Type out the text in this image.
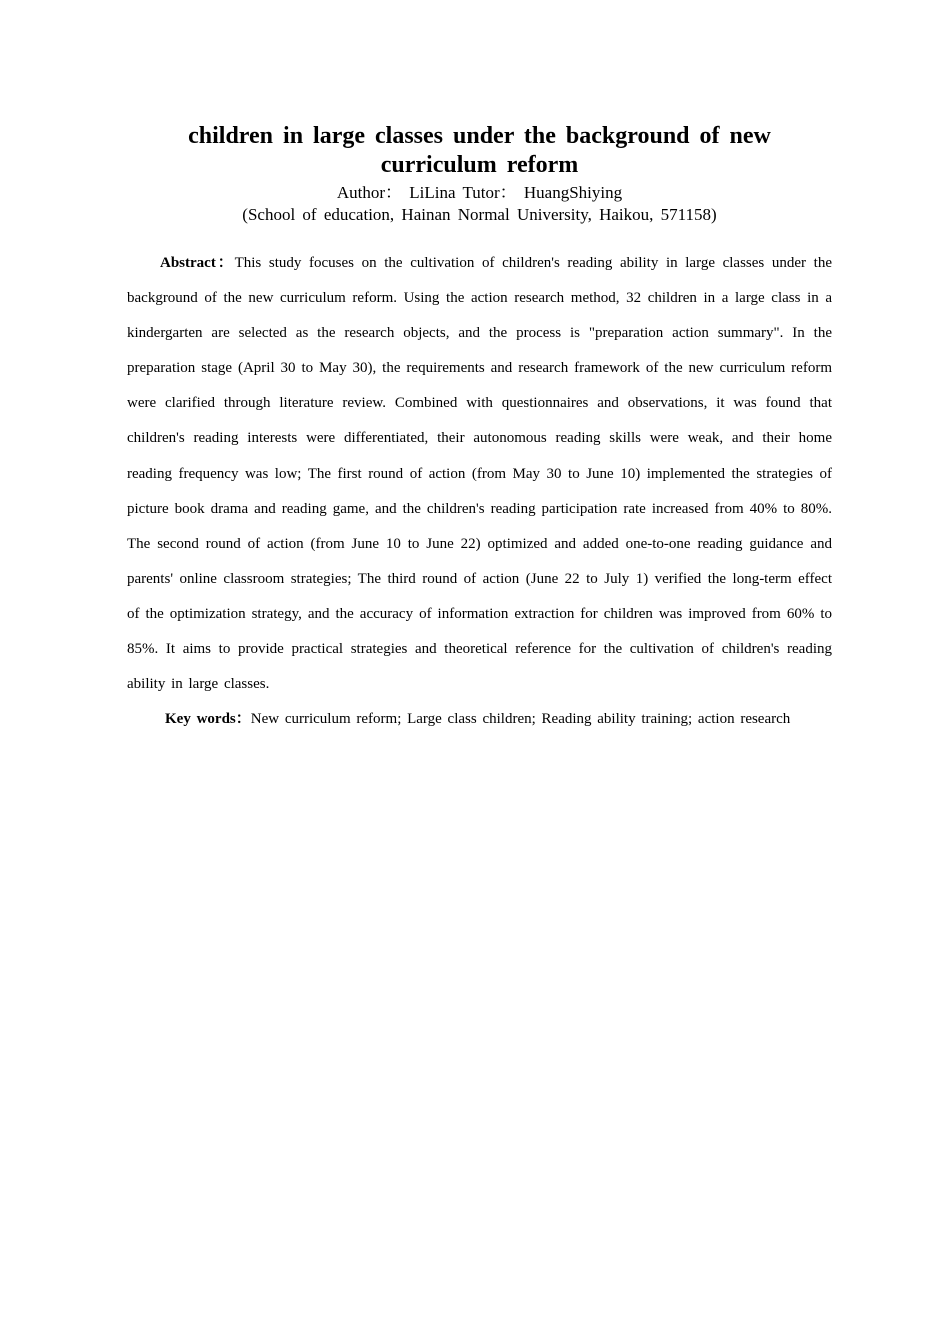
children in large classes under the background of new curriculum reform
Author： LiLina Tutor： HuangShiying
(School of education, Hainan Normal University, Haikou, 571158)
Abstract：This study focuses on the cultivation of children's reading ability in large classes under the background of the new curriculum reform. Using the action research method, 32 children in a large class in a kindergarten are selected as the research objects, and the process is "preparation action summary". In the preparation stage (April 30 to May 30), the requirements and research framework of the new curriculum reform were clarified through literature review. Combined with questionnaires and observations, it was found that children's reading interests were differentiated, their autonomous reading skills were weak, and their home reading frequency was low; The first round of action (from May 30 to June 10) implemented the strategies of picture book drama and reading game, and the children's reading participation rate increased from 40% to 80%. The second round of action (from June 10 to June 22) optimized and added one-to-one reading guidance and parents' online classroom strategies; The third round of action (June 22 to July 1) verified the long-term effect of the optimization strategy, and the accuracy of information extraction for children was improved from 60% to 85%. It aims to provide practical strategies and theoretical reference for the cultivation of children's reading ability in large classes.
Key words：New curriculum reform; Large class children; Reading ability training; action research
